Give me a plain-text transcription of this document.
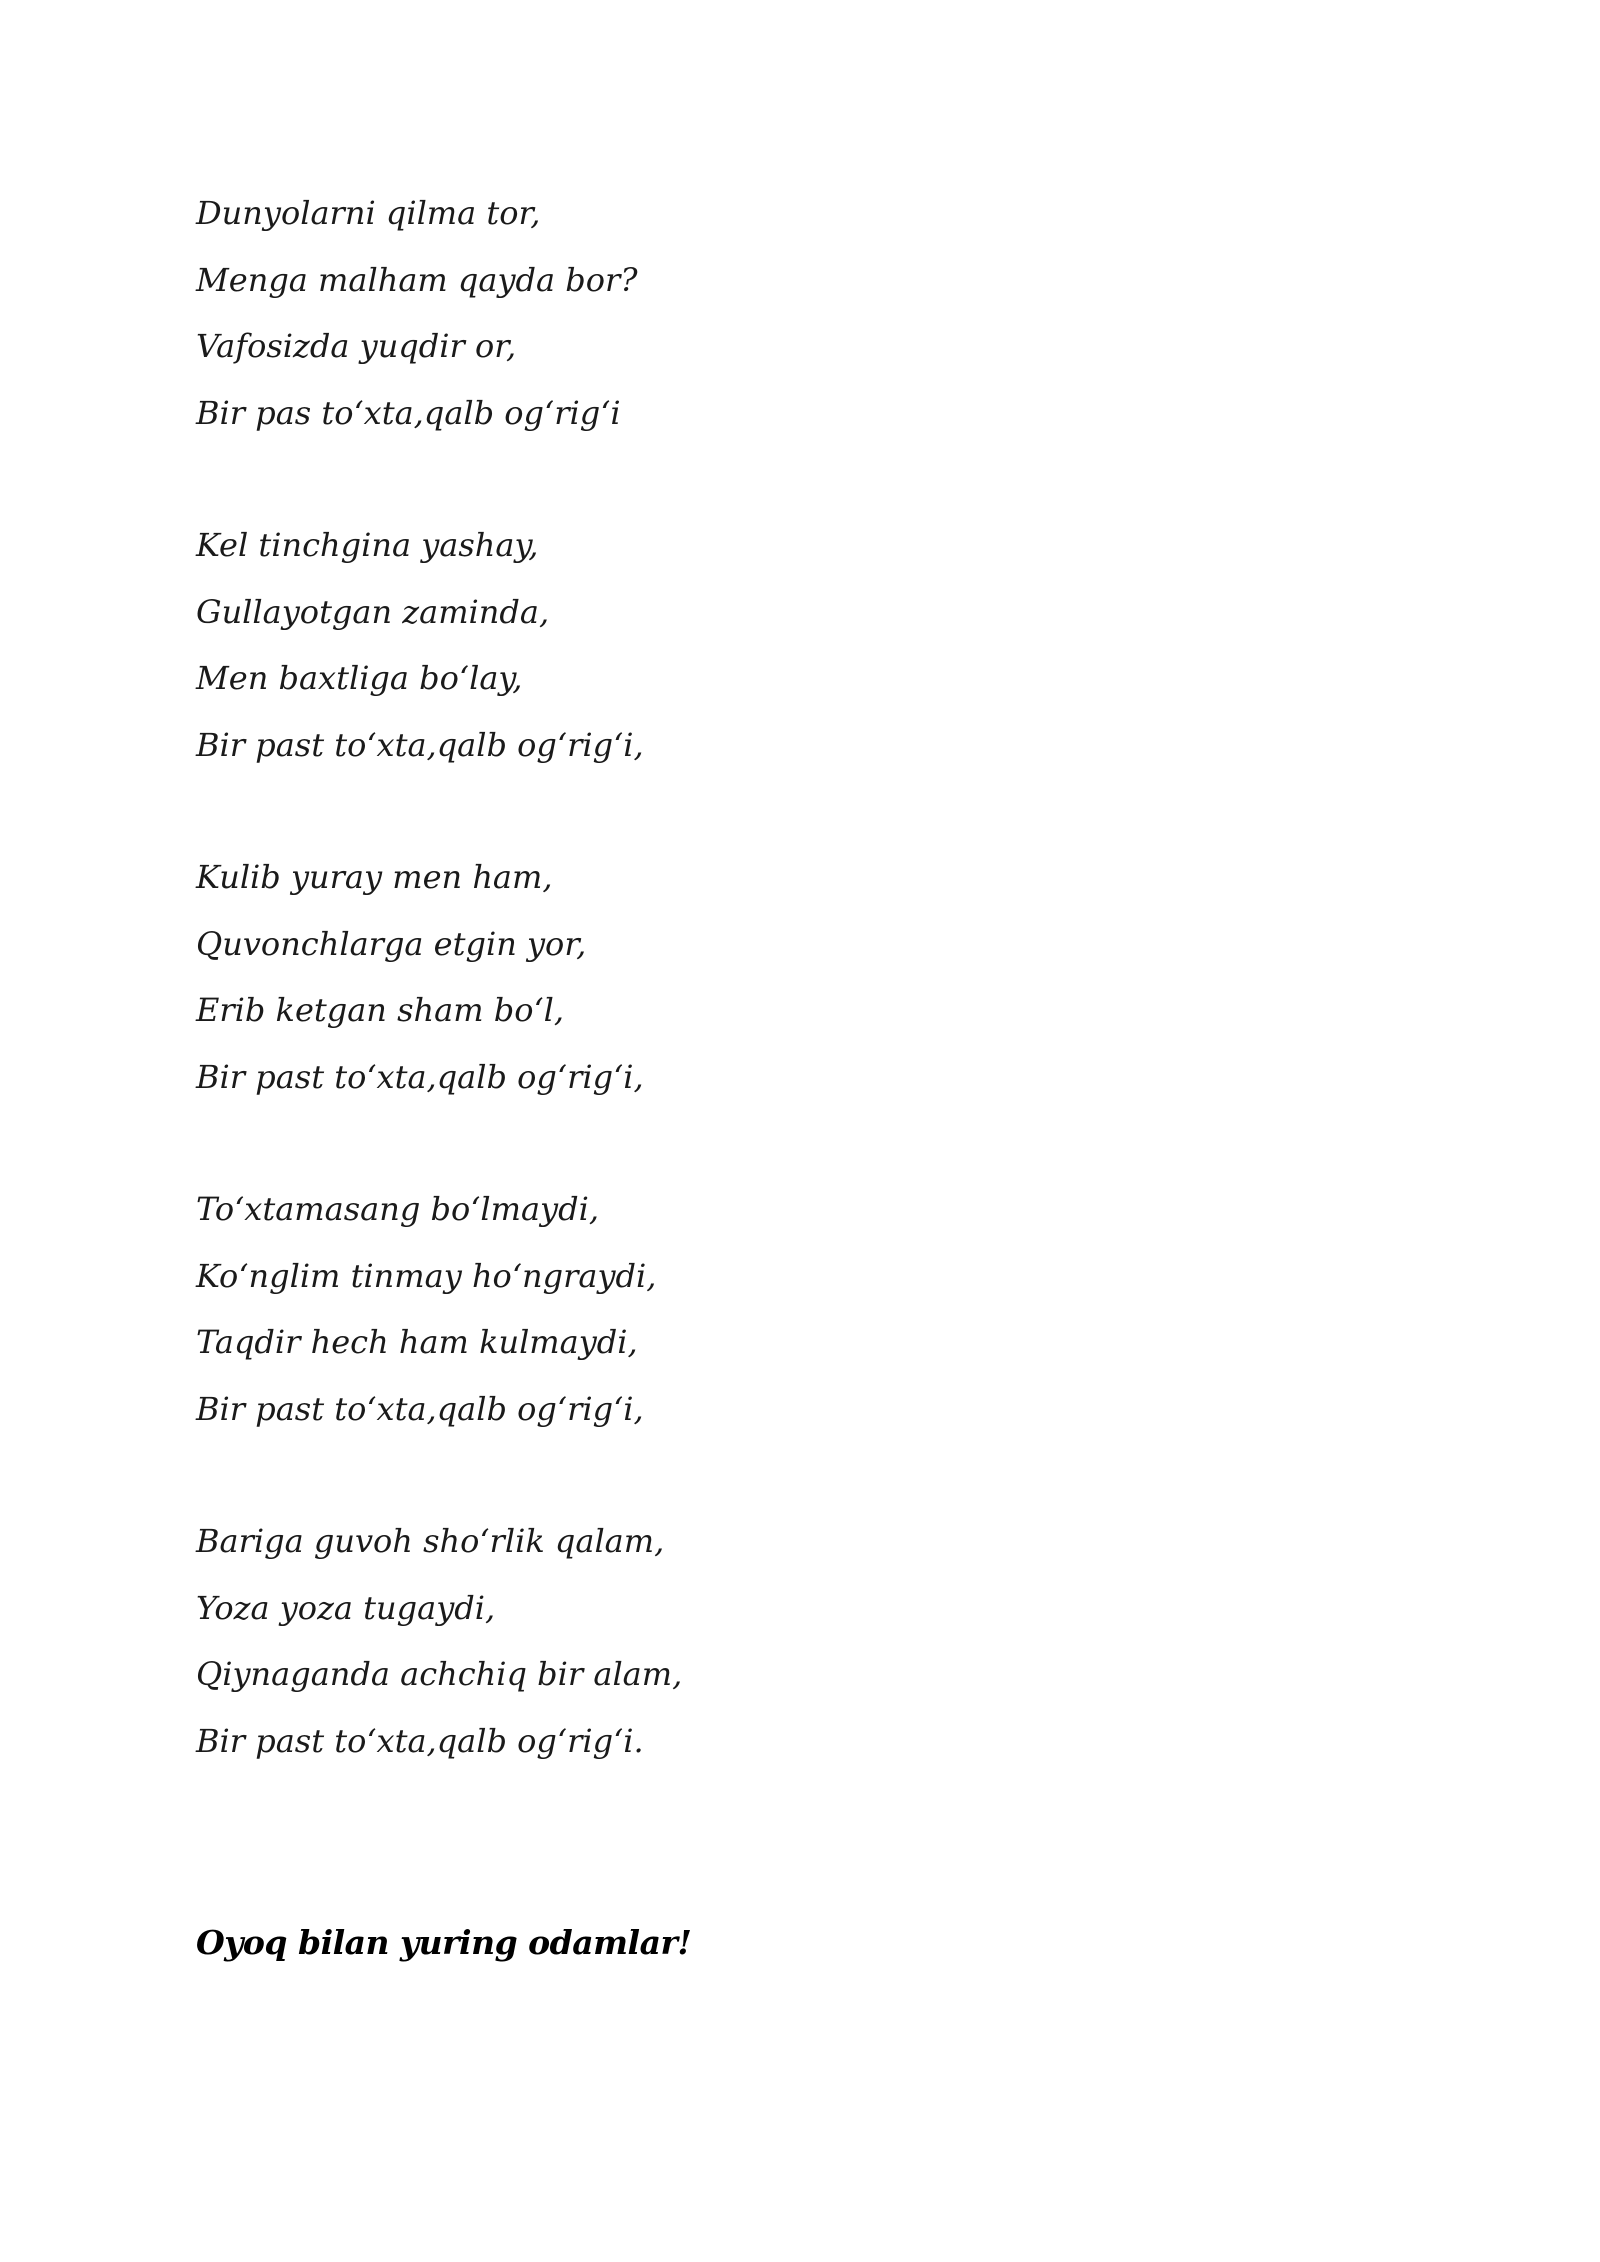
Dunyolarni qilma tor,
Menga malham qayda bor?
Vafosizda yuqdir or,
Bir pas to‘xta,qalb og‘rig‘i
Kel tinchgina yashay,
Gullayotgan zaminda,
Men baxtliga bo‘lay,
Bir past to‘xta,qalb og‘rig‘i,
Kulib yuray men ham,
Quvonchlarga etgin yor,
Erib ketgan sham bo‘l,
Bir past to‘xta,qalb og‘rig‘i,
To‘xtamasang bo‘lmaydi,
Ko‘nglim tinmay ho‘ngraydi,
Taqdir hech ham kulmaydi,
Bir past to‘xta,qalb og‘rig‘i,
Bariga guvoh sho‘rlik qalam,
Yoza yoza tugaydi,
Qiynaganda achchiq bir alam,
Bir past to‘xta,qalb og‘rig‘i.
Oyoq bilan yuring odamlar!
